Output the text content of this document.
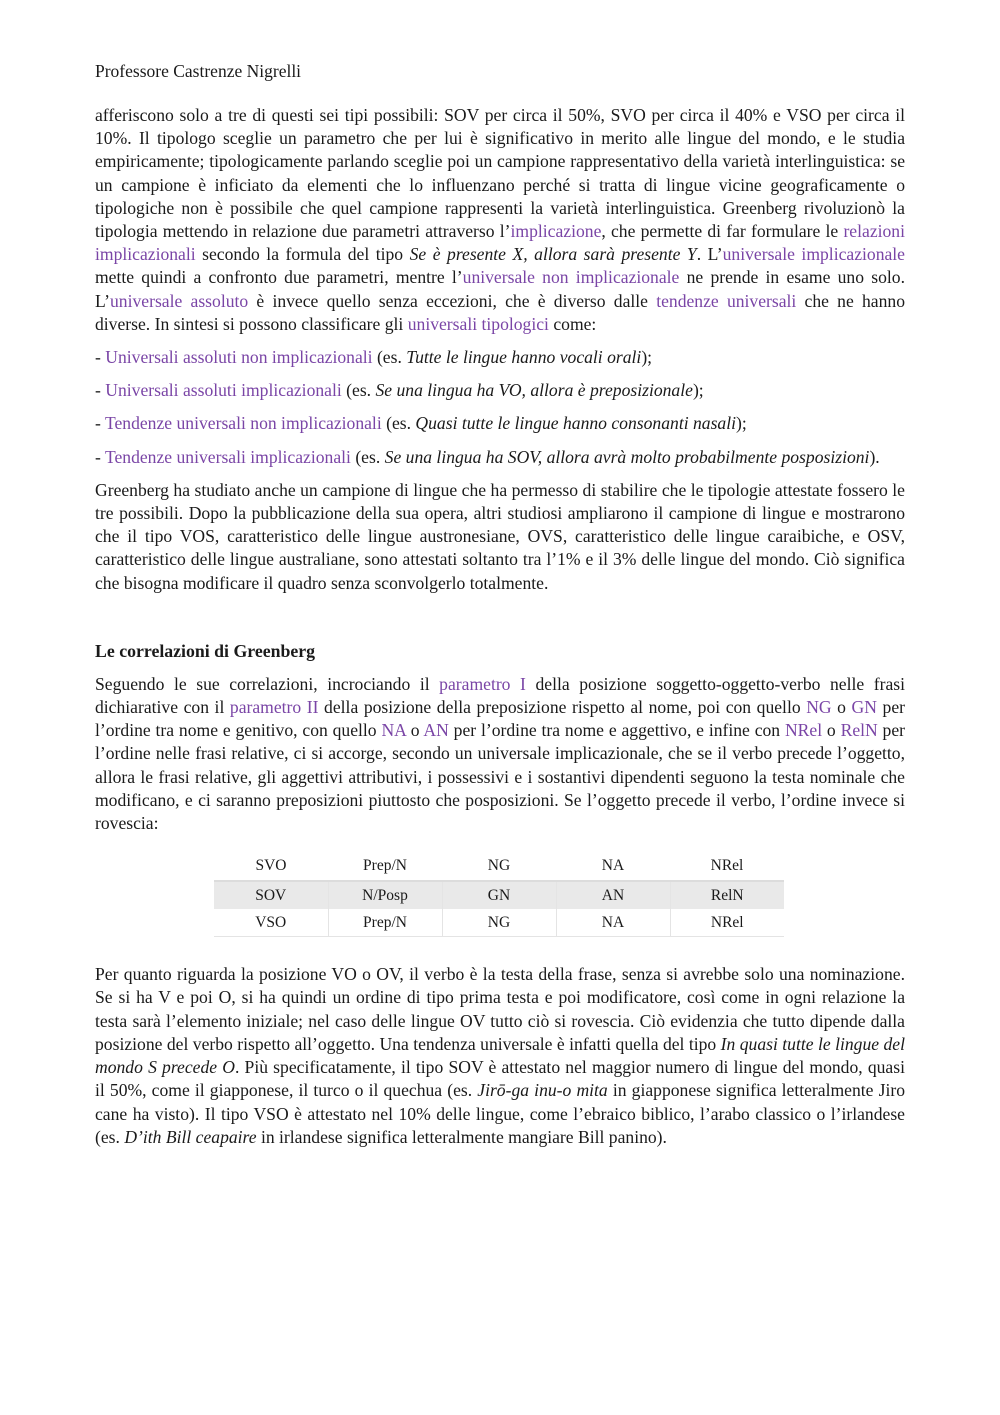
Professore Castrenze Nigrelli

afferiscono solo a tre di questi sei tipi possibili: SOV per circa il 50%, SVO per circa il 40% e VSO per circa il 10%. Il tipologo sceglie un parametro che per lui è significativo in merito alle lingue del mondo, e le studia empiricamente; tipologicamente parlando sceglie poi un campione rappresentativo della varietà interlinguistica: se un campione è inficiato da elementi che lo influenzano perché si tratta di lingue vicine geograficamente o tipologiche non è possibile che quel campione rappresenti la varietà interlinguistica. Greenberg rivoluzionò la tipologia mettendo in relazione due parametri attraverso l’implicazione, che permette di far formulare le relazioni implicazionali secondo la formula del tipo Se è presente X, allora sarà presente Y. L’universale implicazionale mette quindi a confronto due parametri, mentre l’universale non implicazionale ne prende in esame uno solo. L’universale assoluto è invece quello senza eccezioni, che è diverso dalle tendenze universali che ne hanno diverse. In sintesi si possono classificare gli universali tipologici come:

- Universali assoluti non implicazionali (es. Tutte le lingue hanno vocali orali);

- Universali assoluti implicazionali (es. Se una lingua ha VO, allora è preposizionale);

- Tendenze universali non implicazionali (es. Quasi tutte le lingue hanno consonanti nasali);

- Tendenze universali implicazionali (es. Se una lingua ha SOV, allora avrà molto probabilmente posposizioni).

Greenberg ha studiato anche un campione di lingue che ha permesso di stabilire che le tipologie attestate fossero le tre possibili. Dopo la pubblicazione della sua opera, altri studiosi ampliarono il campione di lingue e mostrarono che il tipo VOS, caratteristico delle lingue austronesiane, OVS, caratteristico delle lingue caraibiche, e OSV, caratteristico delle lingue australiane, sono attestati soltanto tra l’1% e il 3% delle lingue del mondo. Ciò significa che bisogna modificare il quadro senza sconvolgerlo totalmente.

Le correlazioni di Greenberg

Seguendo le sue correlazioni, incrociando il parametro I della posizione soggetto-oggetto-verbo nelle frasi dichiarative con il parametro II della posizione della preposizione rispetto al nome, poi con quello NG o GN per l’ordine tra nome e genitivo, con quello NA o AN per l’ordine tra nome e aggettivo, e infine con NRel o RelN per l’ordine nelle frasi relative, ci si accorge, secondo un universale implicazionale, che se il verbo precede l’oggetto, allora le frasi relative, gli aggettivi attributivi, i possessivi e i sostantivi dipendenti seguono la testa nominale che modificano, e ci saranno preposizioni piuttosto che posposizioni. Se l’oggetto precede il verbo, l’ordine invece si rovescia:

SVO	Prep/N	NG	NA	NRel
SOV	N/Posp	GN	AN	RelN
VSO	Prep/N	NG	NA	NRel

Per quanto riguarda la posizione VO o OV, il verbo è la testa della frase, senza si avrebbe solo una nominazione. Se si ha V e poi O, si ha quindi un ordine di tipo prima testa e poi modificatore, così come in ogni relazione la testa sarà l’elemento iniziale; nel caso delle lingue OV tutto ciò si rovescia. Ciò evidenzia che tutto dipende dalla posizione del verbo rispetto all’oggetto. Una tendenza universale è infatti quella del tipo In quasi tutte le lingue del mondo S precede O. Più specificatamente, il tipo SOV è attestato nel maggior numero di lingue del mondo, quasi il 50%, come il giapponese, il turco o il quechua (es. Jirō-ga inu-o mita in giapponese significa letteralmente Jiro cane ha visto). Il tipo VSO è attestato nel 10% delle lingue, come l’ebraico biblico, l’arabo classico o l’irlandese (es. D’ith Bill ceapaire in irlandese significa letteralmente mangiare Bill panino).
